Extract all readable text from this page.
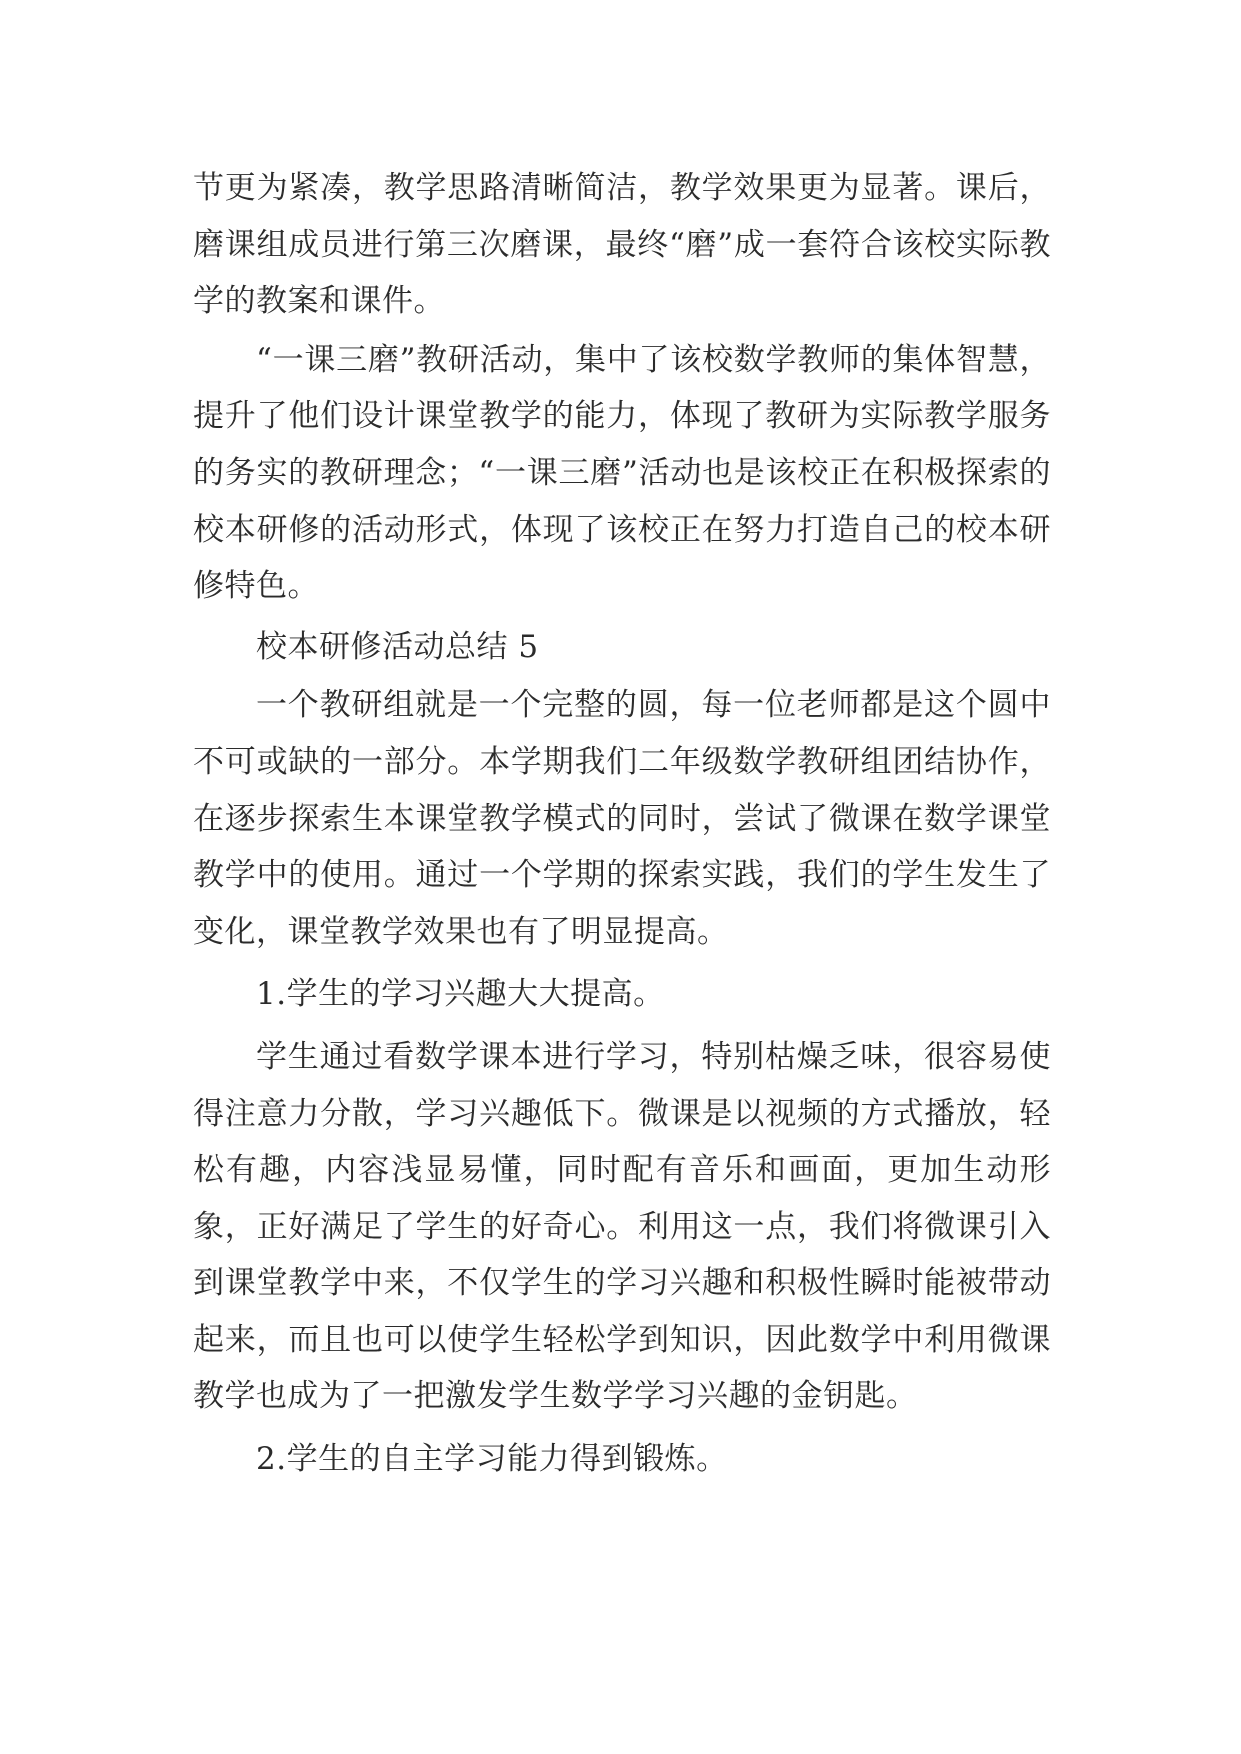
节更为紧凑，教学思路清晰简洁，教学效果更为显著。课后，磨课组成员进行第三次磨课，最终“磨”成一套符合该校实际教学的教案和课件。

“一课三磨”教研活动，集中了该校数学教师的集体智慧，提升了他们设计课堂教学的能力，体现了教研为实际教学服务的务实的教研理念；“一课三磨”活动也是该校正在积极探索的校本研修的活动形式，体现了该校正在努力打造自己的校本研修特色。

校本研修活动总结 5

一个教研组就是一个完整的圆，每一位老师都是这个圆中不可或缺的一部分。本学期我们二年级数学教研组团结协作，在逐步探索生本课堂教学模式的同时，尝试了微课在数学课堂教学中的使用。通过一个学期的探索实践，我们的学生发生了变化，课堂教学效果也有了明显提高。

1.学生的学习兴趣大大提高。

学生通过看数学课本进行学习，特别枯燥乏味，很容易使得注意力分散，学习兴趣低下。微课是以视频的方式播放，轻松有趣，内容浅显易懂，同时配有音乐和画面，更加生动形象，正好满足了学生的好奇心。利用这一点，我们将微课引入到课堂教学中来，不仅学生的学习兴趣和积极性瞬时能被带动起来，而且也可以使学生轻松学到知识，因此数学中利用微课教学也成为了一把激发学生数学学习兴趣的金钥匙。

2.学生的自主学习能力得到锻炼。
